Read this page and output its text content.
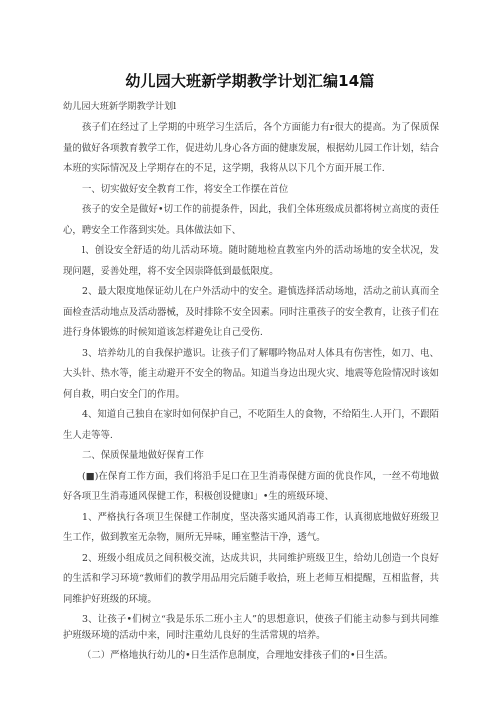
幼儿园大班新学期教学计划汇编14篇
幼儿园大班新学期教学计划l

孩子们在经过了上学期的中班学习生活后，各个方面能力有r很大的提高。为了保质保量的做好各项教育教学工作，促进幼儿身心各方面的健康发展，根据幼儿园工作计划，结合本班的实际情况及上学期存在的不足，这学期，我将从以下几个方面开展工作.

一、切实做好安全教育工作，将安全工作摆在首位

孩子的安全是做好•切工作的前提条件，因此，我们全体班级成员都将树立高度的责任心，聘安全工作落到实处。具体做法如下、

l、创设安全舒适的幼儿活动环境。随时随地检直教室内外的活动场地的安全状况，发现问题，妥善处理，将不安全因崇降低到最低限度。

2、最大限度地保证幼儿在户外活动中的安全。避慎选择活动场地，活动之前认真而全面检查活动地点及活动器械，及时排除不安全因素。同时注重孩子的安全教育，让孩子们在进行身体锻炼的时候知道该怎样避免让自己受伤.

3、培养幼儿的自我保护遨识。让孩子们了解哪吟物品对人体具有伤害性，如刀、电、大头针、热水等，能主动避开不安全的物品。知道当身边出现火灾、地震等危险情况时该如何自救，明白安全门的作用。

4、知道自己独自在家时如何保护自己，不吃陌生人的食物，不给陌生.人开门，不跟陌生人走等等.

二、保质保量地做好保育工作

(■)在保育工作方面，我们将沿手足口在卫生消毒保健方面的优良作风，一丝不苟地做好各项卫生消毒通风保健工作，积极创设健康l」•生的班级环境、

1、严格执行各项卫生保健工作制度，坚决落实通风消毒工作，认真彻底地做好班级卫生工作，做到教室无杂物，厕所无异味，睡室整洁干净，透气。

2、班级小组成员之间积极交流，达成共识，共同维护班级卫生，给幼儿创造一个良好的生活和学习环境“教师们的教学用品用完后随手收拾，班上老师互相提醒，互相监督，共同维护好班级的环境。

3、让孩子•们树立“我是乐乐二班小主人”的思想意识，使孩子们能主动参与到共同维护班级环境的活动中来，同时注重幼儿良好的生活常规的培养。

（二）严格地执行幼儿的•日生活作息制度，合理地安排孩子们的•日生活。
